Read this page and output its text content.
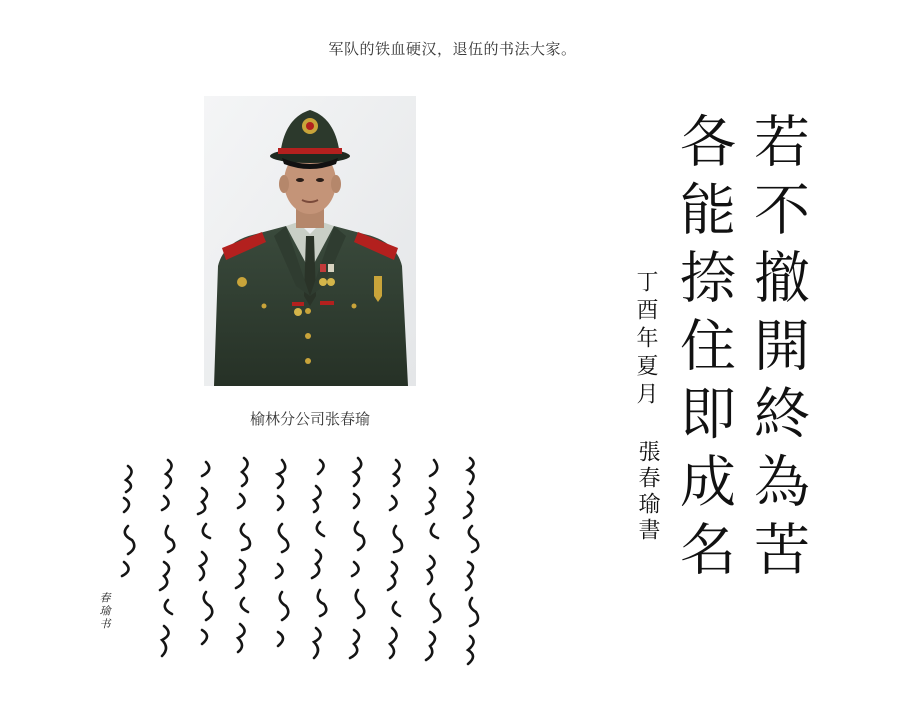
军队的铁血硬汉，退伍的书法大家。
榆林分公司张春瑜	若不撤開終為苦
各能捺住即成名
丁酉年夏月
張春瑜書
春瑜书
